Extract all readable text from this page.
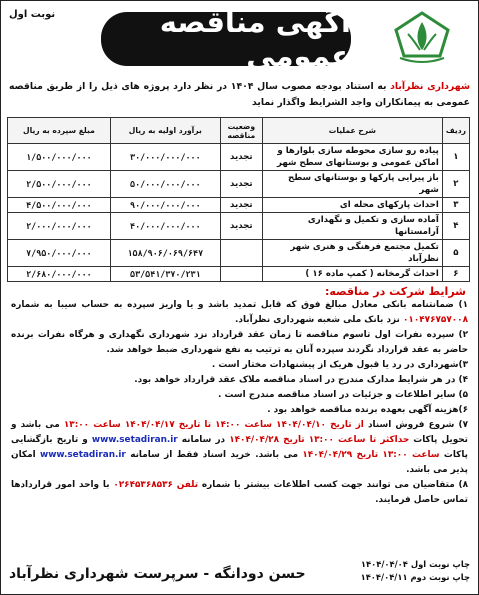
نوبت اول	آگهی مناقصه عمومی
شهرداری نظرآباد به استناد بودجه مصوب سال ۱۴۰۴ در نظر دارد پروژه های ذیل را از طریق مناقصه عمومی به پیمانکاران واجد الشرایط واگذار نماید
ردیف	شرح عملیات	وضعیت مناقصه	برآورد اولیه به ریال	مبلغ سپرده به ریال
۱	پیاده رو سازی محوطه سازی بلوارها و اماکن عمومی و بوستانهای سطح شهر	تجدید	۳۰/۰۰۰/۰۰۰/۰۰۰	۱/۵۰۰/۰۰۰/۰۰۰
۲	باز پیرایی پارکها و بوستانهای سطح شهر	تجدید	۵۰/۰۰۰/۰۰۰/۰۰۰	۲/۵۰۰/۰۰۰/۰۰۰
۳	احداث پارکهای محله ای	تجدید	۹۰/۰۰۰/۰۰۰/۰۰۰	۴/۵۰۰/۰۰۰/۰۰۰
۴	آماده سازی و تکمیل و نگهداری آرامستانها	تجدید	۴۰/۰۰۰/۰۰۰/۰۰۰	۲/۰۰۰/۰۰۰/۰۰۰
۵	تکمیل مجتمع فرهنگی و هنری شهر نظرآباد		۱۵۸/۹۰۶/۰۶۹/۶۴۷	۷/۹۵۰/۰۰۰/۰۰۰
۶	احداث گرمخانه ( کمپ ماده ۱۶ )		۵۳/۵۴۱/۳۷۰/۲۳۱	۲/۶۸۰/۰۰۰/۰۰۰
شرایط شرکت در مناقصه:

۱) ضمانتنامه بانکی معادل مبالغ فوق که قابل تمدید باشد و یا واریز سپرده به حساب سیبا به شماره ۰۱۰۴۷۶۷۵۷۰۰۸ نزد بانک ملی شعبه شهرداری نظرآباد.

۲) سپرده نفرات اول تاسوم مناقصه تا زمان عقد قرارداد نزد شهرداری نگهداری و هرگاه نفرات برنده حاضر به عقد قرارداد نگردند سپرده آنان به ترتیب به نفع شهرداری ضبط خواهد شد.

۳)شهرداری در رد یا قبول هریک از پیشنهادات مختار است .

۴) در هر شرایط مدارک مندرج در اسناد مناقصه ملاک عقد قرارداد خواهد بود.

۵) سایر اطلاعات و جزئیات در اسناد مناقصه مندرج است .

۶)هزینه آگهی بعهده برنده مناقصه خواهد بود .

۷) شروع فروش اسناد از تاریخ ۱۴۰۴/۰۴/۱۰ ساعت ۱۴:۰۰ تا تاریخ ۱۴۰۴/۰۴/۱۷ ساعت ۱۳:۰۰ می باشد و تحویل پاکات حداکثر تا ساعت ۱۳:۰۰ تاریخ ۱۴۰۴/۰۴/۲۸ در سامانه www.setadiran.ir و تاریخ بازگشایی پاکات ساعت ۱۳:۰۰ تاریخ ۱۴۰۴/۰۴/۲۹ می باشد. خرید اسناد فقط از سامانه www.setadiran.ir امکان پذیر می باشد.

۸) متقاضیان می توانند جهت کسب اطلاعات بیشتر با شماره تلفن ۰۲۶۴۵۳۶۸۵۳۶ با واحد امور قراردادها تماس حاصل فرمایند.

چاپ نوبت اول ۱۴۰۴/۰۴/۰۴
چاپ نوبت دوم ۱۴۰۴/۰۴/۱۱
حسن دودانگه - سرپرست شهرداری نظرآباد
